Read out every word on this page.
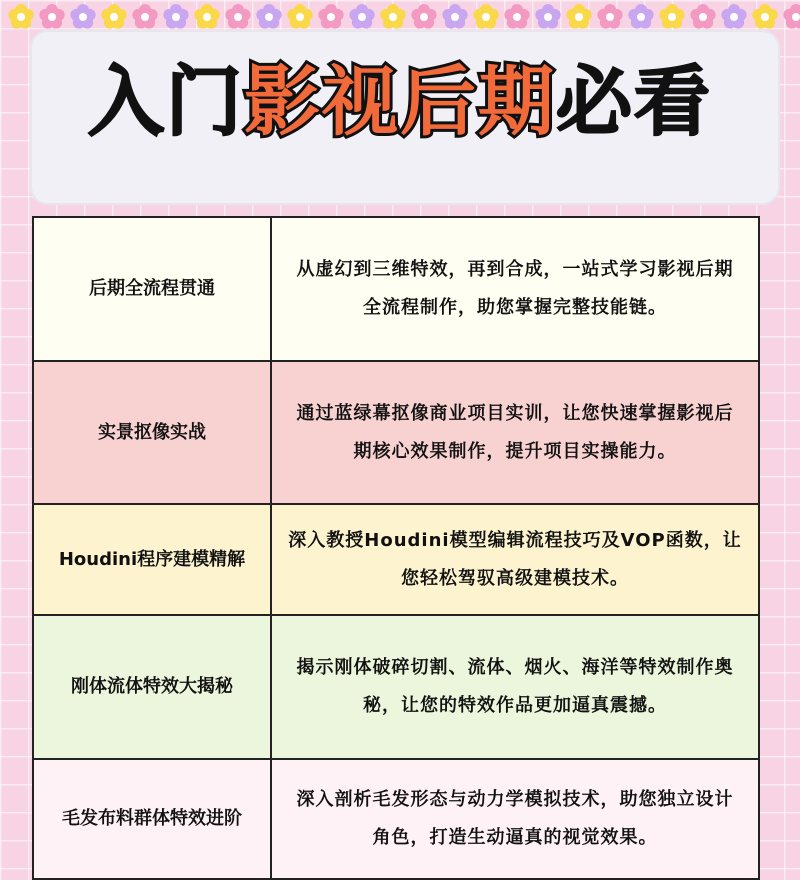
入门影视后期必看
后期全流程贯通	从虚幻到三维特效，再到合成，一站式学习影视后期全流程制作，助您掌握完整技能链。
实景抠像实战	通过蓝绿幕抠像商业项目实训，让您快速掌握影视后期核心效果制作，提升项目实操能力。
Houdini程序建模精解	深入教授Houdini模型编辑流程技巧及VOP函数，让您轻松驾驭高级建模技术。
刚体流体特效大揭秘	揭示刚体破碎切割、流体、烟火、海洋等特效制作奥秘，让您的特效作品更加逼真震撼。
毛发布料群体特效进阶	深入剖析毛发形态与动力学模拟技术，助您独立设计角色，打造生动逼真的视觉效果。
